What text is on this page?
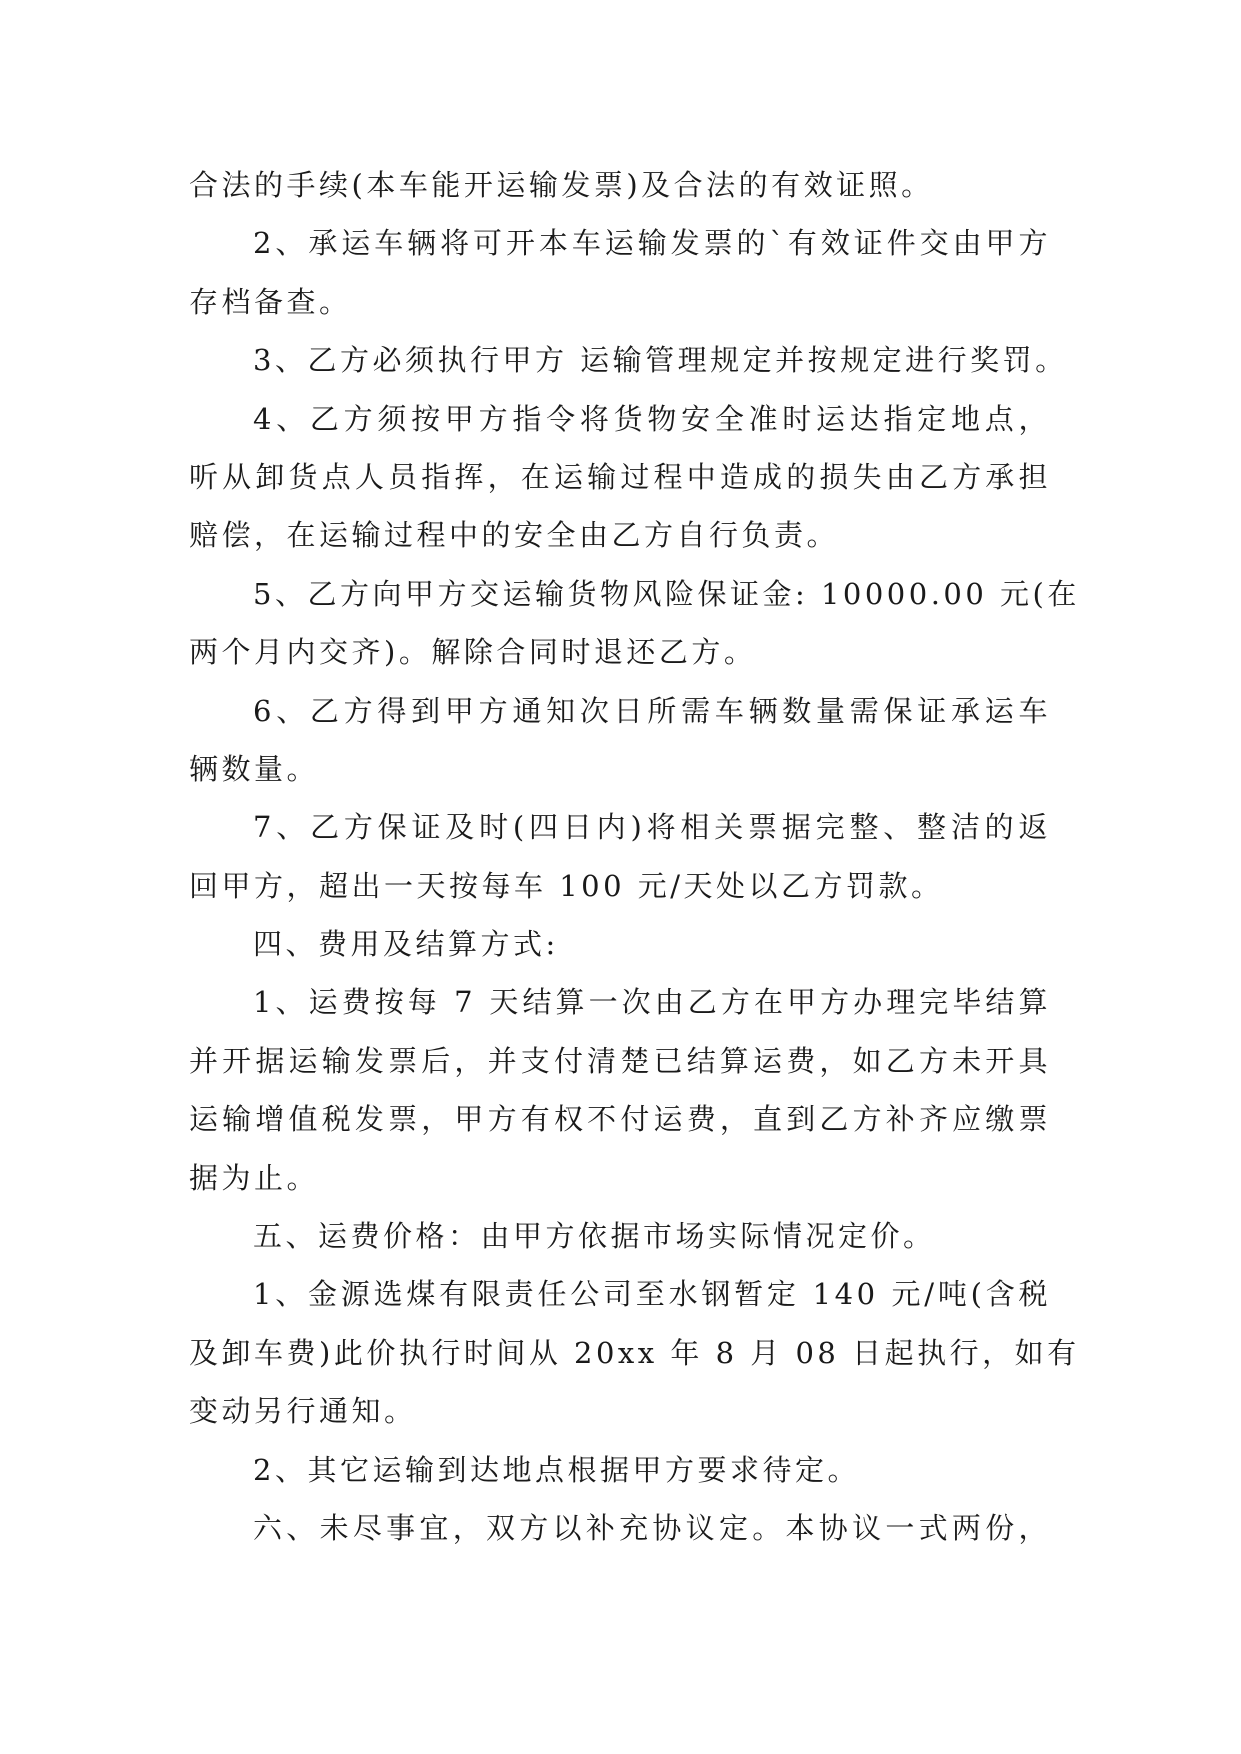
合法的手续(本车能开运输发票)及合法的有效证照。
2、承运车辆将可开本车运输发票的`有效证件交由甲方
存档备查。
3、乙方必须执行甲方 运输管理规定并按规定进行奖罚。
4、乙方须按甲方指令将货物安全准时运达指定地点，
听从卸货点人员指挥，在运输过程中造成的损失由乙方承担
赔偿，在运输过程中的安全由乙方自行负责。
5、乙方向甲方交运输货物风险保证金: 10000.00 元(在
两个月内交齐)。解除合同时退还乙方。
6、乙方得到甲方通知次日所需车辆数量需保证承运车
辆数量。
7、乙方保证及时(四日内)将相关票据完整、整洁的返
回甲方，超出一天按每车 100 元/天处以乙方罚款。
四、费用及结算方式:
1、运费按每 7 天结算一次由乙方在甲方办理完毕结算
并开据运输发票后，并支付清楚已结算运费，如乙方未开具
运输增值税发票，甲方有权不付运费，直到乙方补齐应缴票
据为止。
五、运费价格：由甲方依据市场实际情况定价。
1、金源选煤有限责任公司至水钢暂定 140 元/吨(含税
及卸车费)此价执行时间从 20xx 年 8 月 08 日起执行，如有
变动另行通知。
2、其它运输到达地点根据甲方要求待定。
六、未尽事宜，双方以补充协议定。本协议一式两份，
